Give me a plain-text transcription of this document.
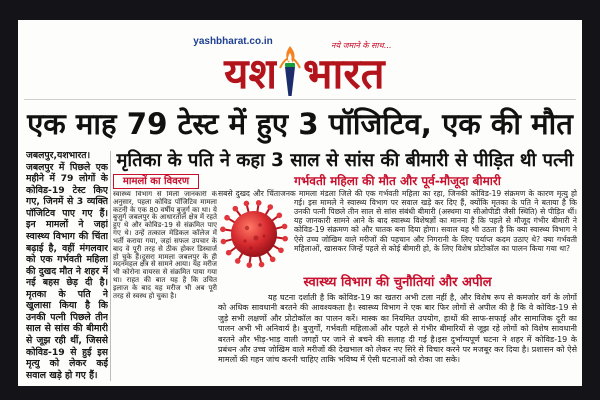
yashbharat.co.in	नये जमाने के साथ...
यश भारत
एक माह 79 टेस्ट में हुए 3 पॉजिटिव, एक की मौत
मृतिका के पति ने कहा 3 साल से सांस की बीमारी से पीड़ित थी पत्नी
जबलपुर,यशभारत।
जबलपुर में पिछले एक महीने में 79 लोगों के कोविड-19 टेस्ट किए गए, जिनमें से 3 व्यक्ति पॉजिटिव पाए गए हैं। इन मामलों ने जहां स्वास्थ्य विभाग की चिंता बढ़ाई है, वहीं मंगलवार को एक गर्भवती महिला की दुखद मौत ने शहर में नई बहस छेड़ दी है। मृतका के पति ने खुलासा किया है कि उनकी पत्नी पिछले तीन साल से सांस की बीमारी से जूझ रही थीं, जिससे कोविड-19 से हुई इस मृत्यु को लेकर कई सवाल खड़े हो गए हैं।
मामलों का विवरण
स्वास्थ्य विभाग से मिली जानकारी के अनुसार, पहला कोविड पॉजिटिव मामला कटनी के एक 80 वर्षीय बुजुर्ग का था। ये बुजुर्ग जबलपुर के आधारताल क्षेत्र में रहते हुए थे और कोविड-19 से संक्रमित पाए गए थे। उन्हें तत्काल मेडिकल कॉलेज में भर्ती कराया गया, जहां सफल उपचार के बाद वे पूरी तरह से ठीक होकर डिस्चार्ज हो चुके हैं।दूसरा मामला जबलपुर के ही मदनमहल क्षेत्र से सामने आया। यह मरीज भी कोरोना वायरस से संक्रमित पाया गया था। राहत की बात यह है कि उचित इलाज के बाद यह मरीज भी अब पूरी तरह से स्वस्थ हो चुका है।
गर्भवती महिला की मौत और पूर्व-मौजूदा बीमारी
सबसे दुखद और चिंताजनक मामला मंडला जिले की एक गर्भवती महिला का रहा, जिनकी कोविड-19 संक्रमण के कारण मृत्यु हो गई। इस मामले ने स्वास्थ्य विभाग पर सवाल खड़े कर दिए हैं, क्योंकि मृतका के पति ने बताया है कि उनकी पत्नी पिछले तीन साल से सांस संबंधी बीमारी (अस्थमा या सीओपीडी जैसी स्थिति) से पीड़ित थीं। यह जानकारी सामने आने के बाद स्वास्थ्य विशेषज्ञों का मानना है कि पहले से मौजूद गंभीर बीमारी ने कोविड-19 संक्रमण को और घातक बना दिया होगा। सवाल यह भी उठता है कि क्या स्वास्थ्य विभाग ने ऐसे उच्च जोखिम वाले मरीजों की पहचान और निगरानी के लिए पर्याप्त कदम उठाए थे? क्या गर्भवती महिलाओं, खासकर जिन्हें पहले से कोई बीमारी हो, के लिए विशेष प्रोटोकॉल का पालन किया गया था?
स्वास्थ्य विभाग की चुनौतियां और अपील
यह घटना दर्शाती है कि कोविड-19 का खतरा अभी टला नहीं है, और विशेष रूप से कमजोर वर्ग के लोगों को अधिक सावधानी बरतने की आवश्यकता है। स्वास्थ्य विभाग ने एक बार फिर लोगों से अपील की है कि वे कोविड-19 से जुड़े सभी लक्षणों और प्रोटोकॉल का पालन करें। मास्क का नियमित उपयोग, हाथों की साफ-सफाई और सामाजिक दूरी का पालन अभी भी अनिवार्य है। बुजुर्गों, गर्भवती महिलाओं और पहले से गंभीर बीमारियों से जूझ रहे लोगों को विशेष सावधानी बरतने और भीड़-भाड़ वाली जगहों पर जाने से बचने की सलाह दी गई है।इस दुर्भाग्यपूर्ण घटना ने शहर में कोविड-19 के प्रबंधन और उच्च जोखिम वाले मरीजों की देखभाल को लेकर नए सिरे से विचार करने पर मजबूर कर दिया है। प्रशासन को ऐसे मामलों की गहन जांच करनी चाहिए ताकि भविष्य में ऐसी घटनाओं को रोका जा सके।
